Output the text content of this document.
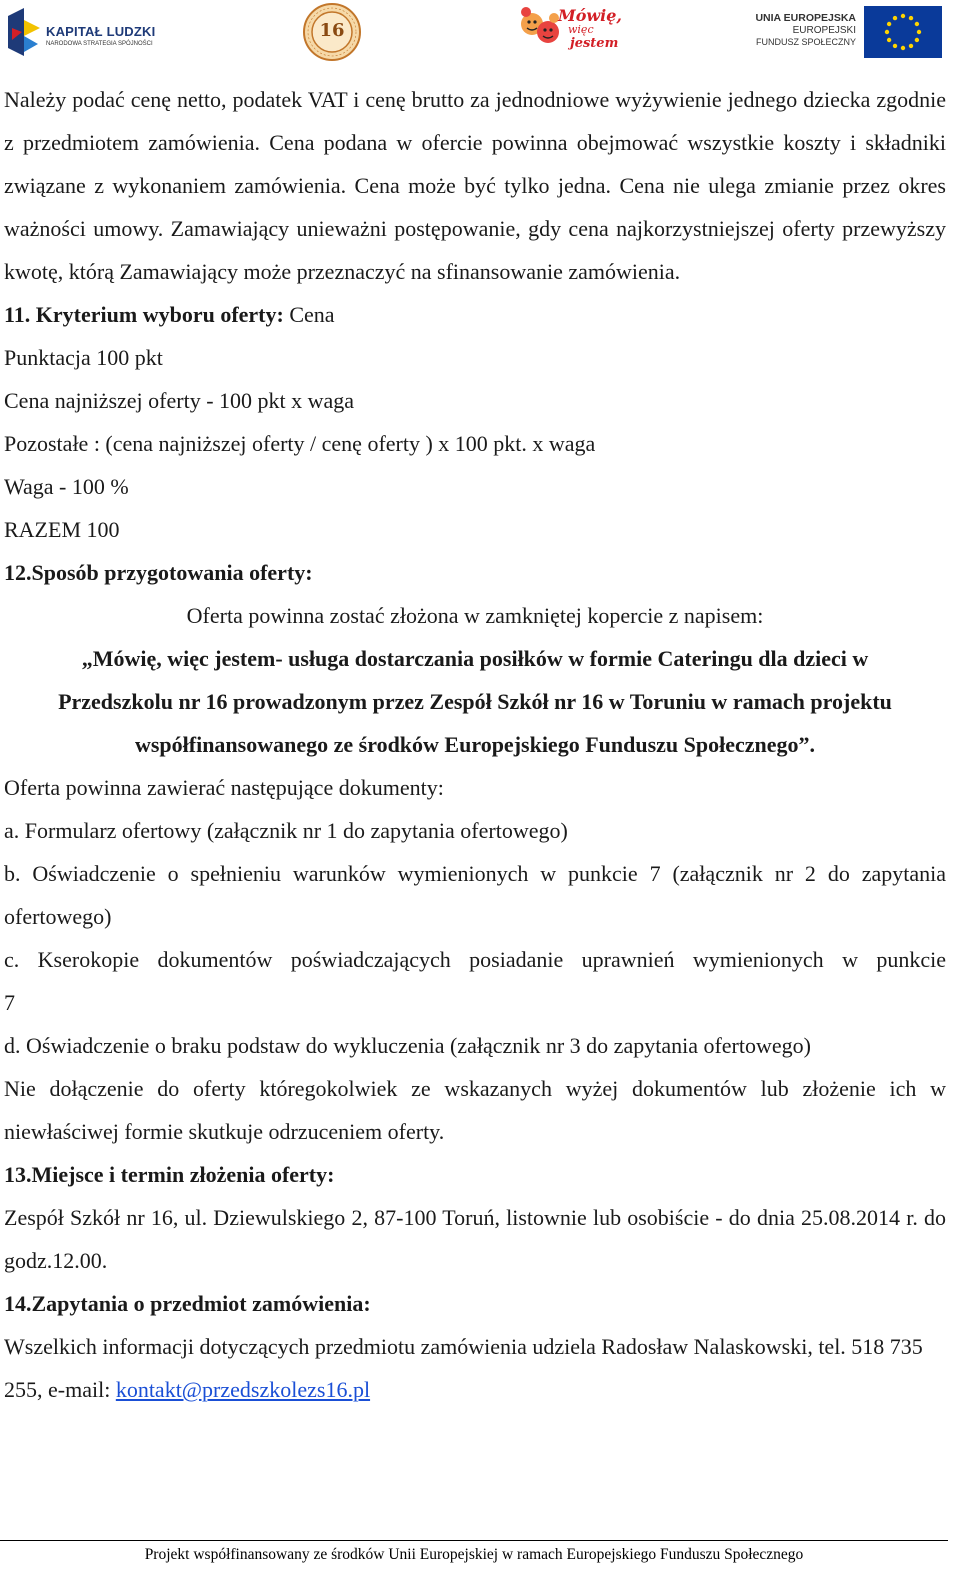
KAPITAŁ LUDZKI
NARODOWA STRATEGIA SPÓJNOŚCI
16
Mówię,
więc
jestem
UNIA EUROPEJSKA
EUROPEJSKI
FUNDUSZ SPOŁECZNY

Należy podać cenę netto, podatek VAT i cenę brutto za jednodniowe wyżywienie jednego dziecka zgodnie z przedmiotem zamówienia. Cena podana w ofercie powinna obejmować wszystkie koszty i składniki związane z wykonaniem zamówienia. Cena może być tylko jedna. Cena nie ulega zmianie przez okres ważności umowy. Zamawiający unieważni postępowanie, gdy cena najkorzystniejszej oferty przewyższy kwotę, którą Zamawiający może przeznaczyć na sfinansowanie zamówienia.

11. Kryterium wyboru oferty: Cena

Punktacja 100 pkt

Cena najniższej oferty - 100 pkt x waga

Pozostałe : (cena najniższej oferty / cenę oferty ) x 100 pkt. x waga

Waga - 100 %

RAZEM 100

12.Sposób przygotowania oferty:

Oferta powinna zostać złożona w zamkniętej kopercie z napisem:

„Mówię, więc jestem- usługa dostarczania posiłków w formie Cateringu dla dzieci w Przedszkolu nr 16 prowadzonym przez Zespół Szkół nr 16 w Toruniu w ramach projektu współfinansowanego ze środków Europejskiego Funduszu Społecznego”.

Oferta powinna zawierać następujące dokumenty:

a. Formularz ofertowy (załącznik nr 1 do zapytania ofertowego)

b. Oświadczenie o spełnieniu warunków wymienionych w punkcie 7 (załącznik nr 2 do zapytania ofertowego)

c. Kserokopie dokumentów poświadczających posiadanie uprawnień wymienionych w punkcie 7

d. Oświadczenie o braku podstaw do wykluczenia (załącznik nr 3 do zapytania ofertowego)

Nie dołączenie do oferty któregokolwiek ze wskazanych wyżej dokumentów lub złożenie ich w niewłaściwej formie skutkuje odrzuceniem oferty.

13.Miejsce i termin złożenia oferty:

Zespół Szkół nr 16, ul. Dziewulskiego 2, 87-100 Toruń, listownie lub osobiście - do dnia 25.08.2014 r. do godz.12.00.

14.Zapytania o przedmiot zamówienia:

Wszelkich informacji dotyczących przedmiotu zamówienia udziela Radosław Nalaskowski, tel. 518 735 255, e-mail: kontakt@przedszkolezs16.pl

Projekt współfinansowany ze środków Unii Europejskiej w ramach Europejskiego Funduszu Społecznego
